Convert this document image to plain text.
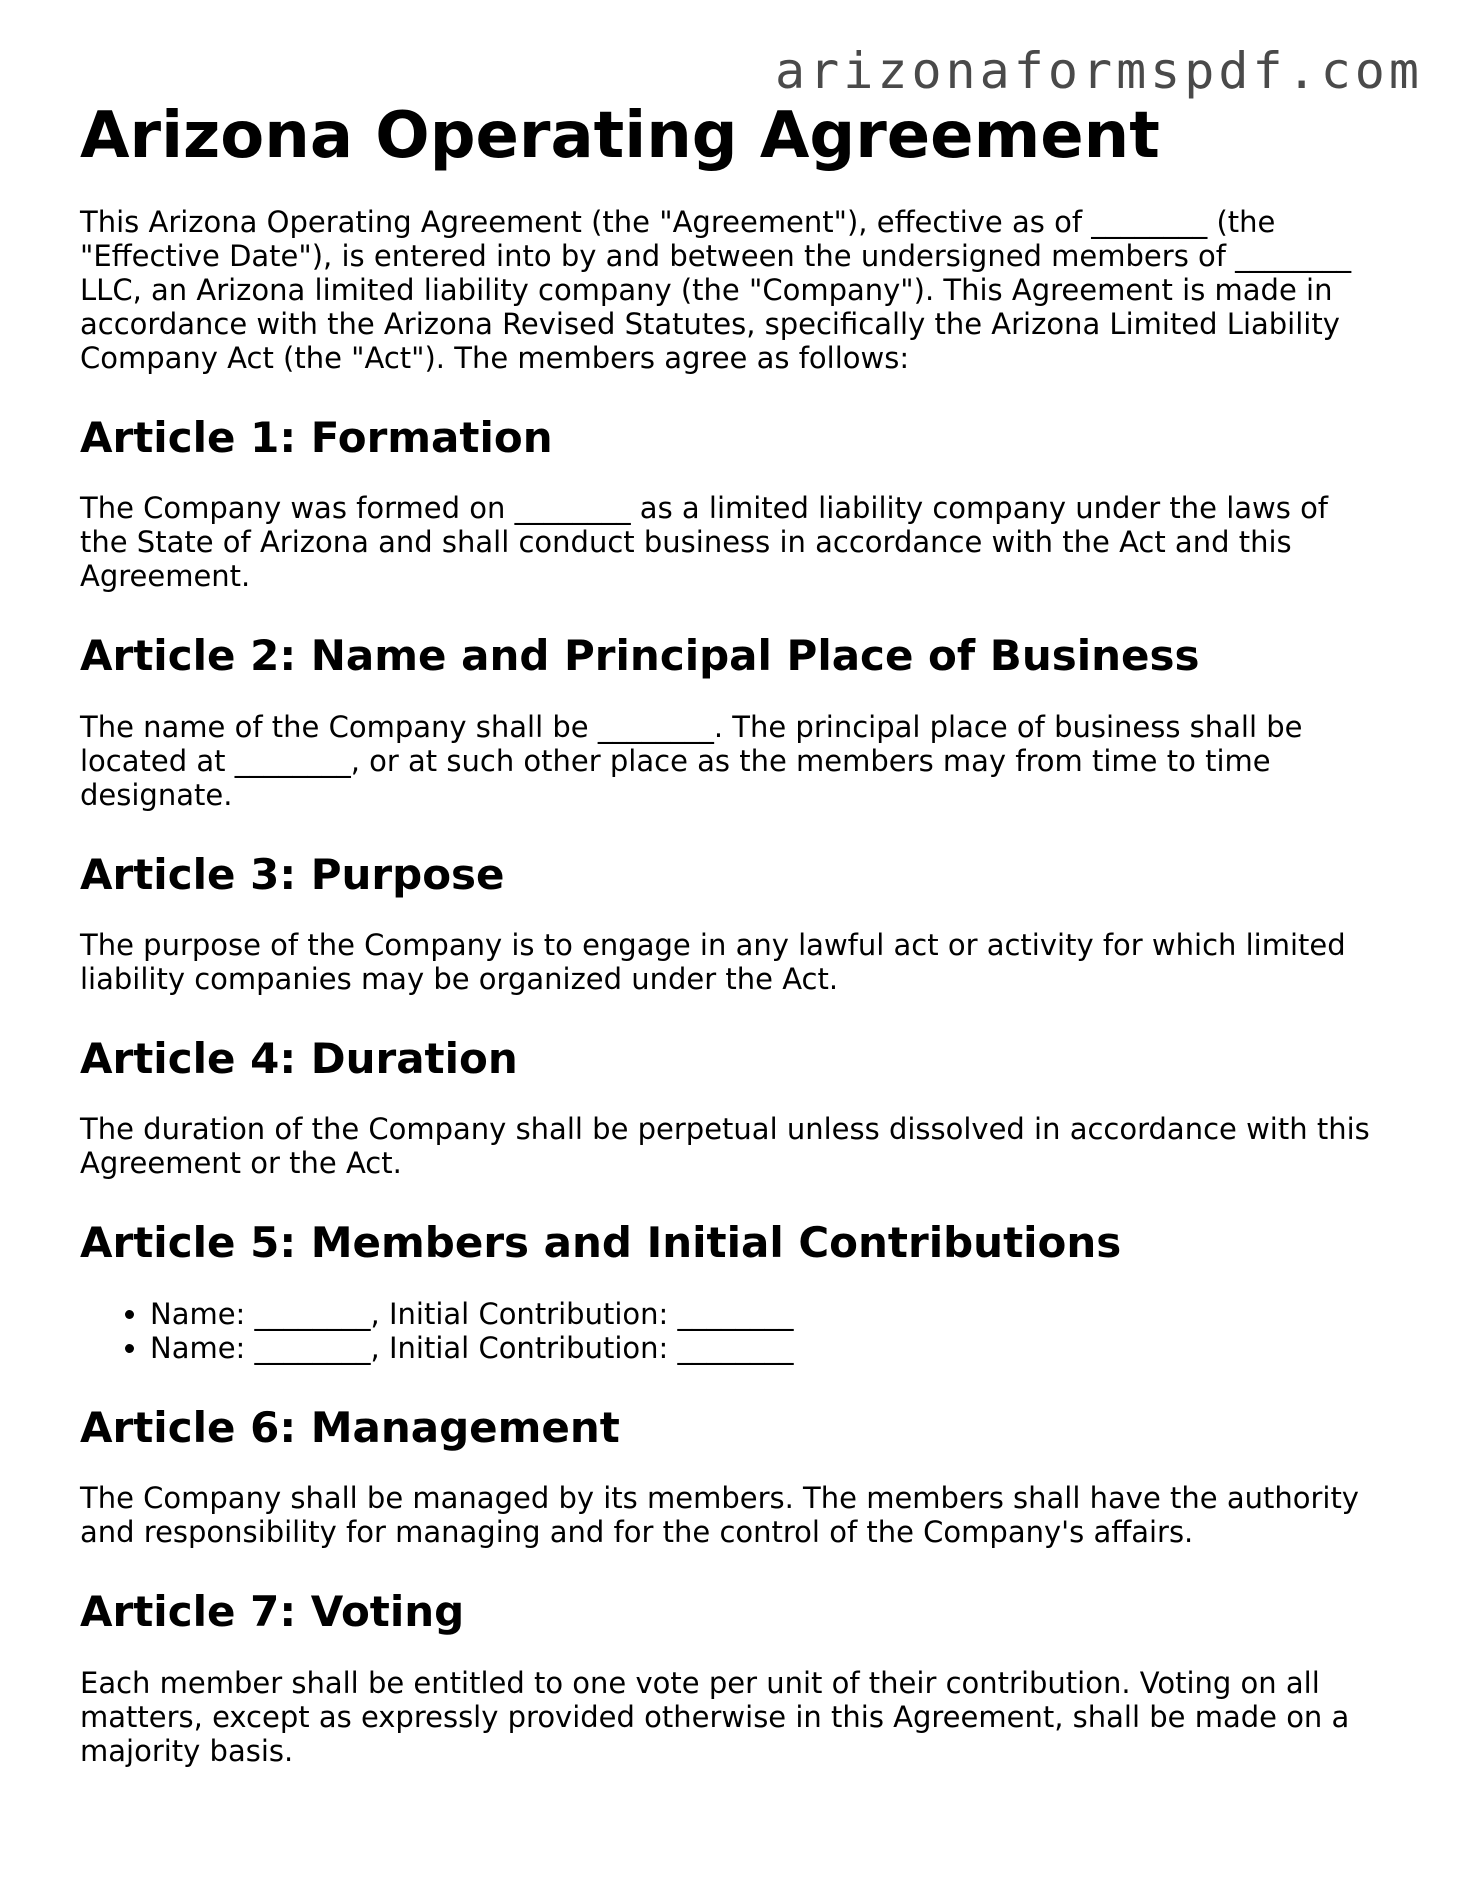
arizonaformspdf.com
Arizona Operating Agreement

This Arizona Operating Agreement (the "Agreement"), effective as of ________ (the "Effective Date"), is entered into by and between the undersigned members of ________ LLC, an Arizona limited liability company (the "Company"). This Agreement is made in accordance with the Arizona Revised Statutes, specifically the Arizona Limited Liability Company Act (the "Act"). The members agree as follows:

Article 1: Formation

The Company was formed on ________ as a limited liability company under the laws of the State of Arizona and shall conduct business in accordance with the Act and this Agreement.

Article 2: Name and Principal Place of Business

The name of the Company shall be ________. The principal place of business shall be located at ________, or at such other place as the members may from time to time designate.

Article 3: Purpose

The purpose of the Company is to engage in any lawful act or activity for which limited liability companies may be organized under the Act.

Article 4: Duration

The duration of the Company shall be perpetual unless dissolved in accordance with this Agreement or the Act.

Article 5: Members and Initial Contributions
• Name: ________, Initial Contribution: ________
• Name: ________, Initial Contribution: ________
Article 6: Management

The Company shall be managed by its members. The members shall have the authority and responsibility for managing and for the control of the Company's affairs.

Article 7: Voting

Each member shall be entitled to one vote per unit of their contribution. Voting on all matters, except as expressly provided otherwise in this Agreement, shall be made on a majority basis.
